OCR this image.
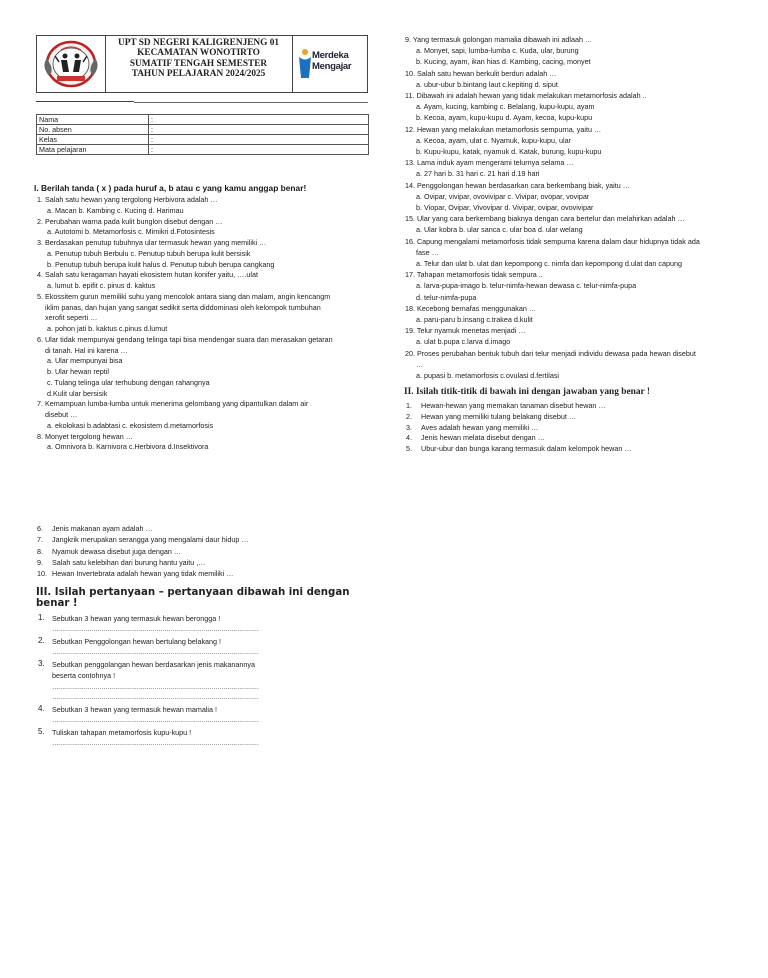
UPT SD NEGERI KALIGRENJENG 01
KECAMATAN WONOTIRTO
SUMATIF TENGAH SEMESTER
TAHUN PELAJARAN 2024/2025
Merdeka
Mengajar
Nama	:
No. absen	:
Kelas	:
Mata pelajaran	:
I. Berilah tanda ( x ) pada huruf a, b atau c yang kamu anggap benar!
1. Salah satu hewan yang tergolong Herbivora adalah …
a. Macan b. Kambing c. Kucing d. Harimau
2. Perubahan warna pada kulit bunglon disebut dengan …
a. Autotomi b. Metamorfosis c. Mimikri d.Fotosintesis
3. Berdasakan penutup tubuhnya ular termasuk hewan yang memiliki …
a. Penutup tubuh Berbulu c. Penutup tubuh berupa kulit bersisik
b. Penutup tubuh berupa kulit halus d. Penutup tubuh berupa cangkang
4. Salah satu keragaman hayati ekosistem hutan konifer yaitu, ….ulat
a. lumut b. epifit c. pinus d. kaktus
5. Ekossitem gurun memiliki suhu yang mencolok antara siang dan malam, angin kencangm
iklim panas, dan hujan yang sangat sedikit serta diddominasi oleh kelompok tumbuhan
xerofit seperti …
a. pohon jati b. kaktus c.pinus d.lumut
6. Ular tidak mempunyai gendang telinga tapi bisa mendengar suara dan merasakan getaran
di tanah. Hal ini karena …
a. Ular mempunyai bisa
b. Ular hewan reptil
c. Tulang telinga ular terhubung dengan rahangnya
d.Kulit ular bersisik
7. Kemampuan lumba-lumba untuk menerima gelombang yang dipantulkan dalam air
disebut …
a. ekolokasi b.adabtasi c. ekosistem d.metamorfosis
8. Monyet tergolong hewan …
a. Omnivora b. Karnivora c.Herbivora d.Insektivora
9. Yang termasuk golongan mamalia dibawah ini adlaah …
a. Monyet, sapi, lumba-lumba c. Kuda, ular, burung
b. Kucing, ayam, ikan hias d. Kambing, cacing, monyet
10. Salah satu hewan berkulit berduri adalah …
a. ubur-ubur b.bintang laut c.kepiting d. siput
11. Dibawah ini adalah hewan yang tidak melakukan metamorfosis adalah ..
a. Ayam, kucing, kambing c. Belalang, kupu-kupu, ayam
b. Kecoa, ayam, kupu-kupu d. Ayam, kecoa, kupu-kupu
12. Hewan yang melakukan metamorfosis sempurna, yaitu …
a. Kecoa, ayam, ulat c. Nyamuk, kupu-kupu, ular
b. Kupu-kupu, katak, nyamuk d. Katak, burung, kupu-kupu
13. Lama induk ayam mengerami telurnya selama …
a. 27 hari b. 31 hari c. 21 hari d.19 hari
14. Penggolongan hewan berdasarkan cara berkembang biak, yaitu …
a. Ovipar, vivipar, ovovivipar c. Vivipar, ovopar, vovipar
b. Viopar, Ovipar, Vivovipar d. Vivipar, ovipar, ovovivipar
15. Ular yang cara berkembang biaknya dengan cara bertelur dan melahirkan adalah …
a. Ular kobra b. ular sanca c. ular boa d. ular welang
16. Capung mengalami metamorfosis tidak sempurna karena dalam daur hidupnya tidak ada
fase …
a. Telur dan ulat b. ulat dan kepompong c. nimfa dan kepompong d.ulat dan capung
17. Tahapan metamorfosis tidak sempura ..
a. larva-pupa-imago b. telur-nimfa-hewan dewasa c. telur-nimfa-pupa
d. telur-nimfa-pupa
18. Kecebong bernafas menggunakan …
a. paru-paru b.insang c.trakea d.kulit
19. Telur nyamuk menetas menjadi …
a. ulat b.pupa c.larva d.imago
20. Proses perubahan bentuk tubuh dari telur menjadi individu dewasa pada hewan disebut
…
a. pupasi b. metamorfosis c.ovulasi d.fertilasi
II. Isilah titik-titik di bawah ini dengan jawaban yang benar !
1. Hewan-hewan yang memakan tanaman disebut hewan …
2. Hewan yang memiliki tulang belakang disebut …
3. Aves adalah hewan yang memiliki …
4. Jenis hewan melata disebut dengan …
5. Ubur-ubur dan bunga karang termasuk dalam kelompok hewan …
6. Jenis makanan ayam adalah …
7. Jangkrik merupakan serangga yang mengalami daur hidup …
8. Nyamuk dewasa disebut juga dengan …
9. Salah satu kelebihan dari burung hantu yaitu ,…
10. Hewan Invertebrata adalah hewan yang tidak memiliki …
III. Isilah pertanyaan – pertanyaan dibawah ini dengan benar !
1. Sebutkan 3 hewan yang termasuk hewan berongga !
……………………………………………………………………………………………
2. Sebutkan Penggolongan hewan bertulang belakang !
……………………………………………………………………………………………
3. Sebutkan penggolangan hewan berdasarkan jenis makanannya
beserta contohnya !
……………………………………………………………………………………………
……………………………………………………………………………………………
4. Sebutkan 3 hewan yang termasuk hewan mamalia !
……………………………………………………………………………………………
5. Tuliskan tahapan metamorfosis kupu-kupu !
……………………………………………………………………………………………
